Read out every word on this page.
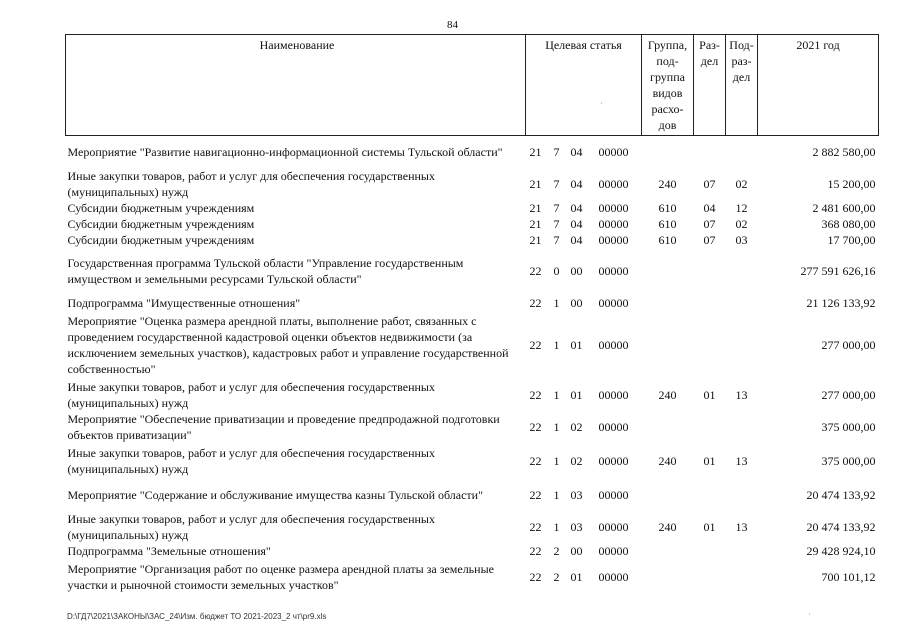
84
Наименование	Целевая статья				Группа, под-группа видов расхо-дов	Раз-дел	Под-раз-дел	2021 год
Мероприятие "Развитие навигационно-информационной системы Тульской области"	21	7	04	00000				2 882 580,00
Иные закупки товаров, работ и услуг для обеспечения государственных (муниципальных) нужд	21	7	04	00000	240	07	02	15 200,00
Субсидии бюджетным учреждениям	21	7	04	00000	610	04	12	2 481 600,00
Субсидии бюджетным учреждениям	21	7	04	00000	610	07	02	368 080,00
Субсидии бюджетным учреждениям	21	7	04	00000	610	07	03	17 700,00
Государственная программа Тульской области "Управление государственным имуществом и земельными ресурсами Тульской области"	22	0	00	00000				277 591 626,16
Подпрограмма "Имущественные отношения"	22	1	00	00000				21 126 133,92
Мероприятие "Оценка размера арендной платы, выполнение работ, связанных с проведением государственной кадастровой оценки объектов недвижимости (за исключением земельных участков), кадастровых работ и управление государственной собственностью"	22	1	01	00000				277 000,00
Иные закупки товаров, работ и услуг для обеспечения государственных (муниципальных) нужд	22	1	01	00000	240	01	13	277 000,00
Мероприятие "Обеспечение приватизации и проведение предпродажной подготовки объектов приватизации"	22	1	02	00000				375 000,00
Иные закупки товаров, работ и услуг для обеспечения государственных (муниципальных) нужд	22	1	02	00000	240	01	13	375 000,00
Мероприятие "Содержание и обслуживание имущества казны Тульской области"	22	1	03	00000				20 474 133,92
Иные закупки товаров, работ и услуг для обеспечения государственных (муниципальных) нужд	22	1	03	00000	240	01	13	20 474 133,92
Подпрограмма "Земельные отношения"	22	2	00	00000				29 428 924,10
Мероприятие "Организация работ по оценке размера арендной платы за земельные участки и рыночной стоимости земельных участков"	22	2	01	00000				700 101,12
D:\ГД7\2021\ЗАКОНЫ\ЗАС_24\Изм. бюджет ТО 2021-2023_2 чт\pr9.xls
·
·
